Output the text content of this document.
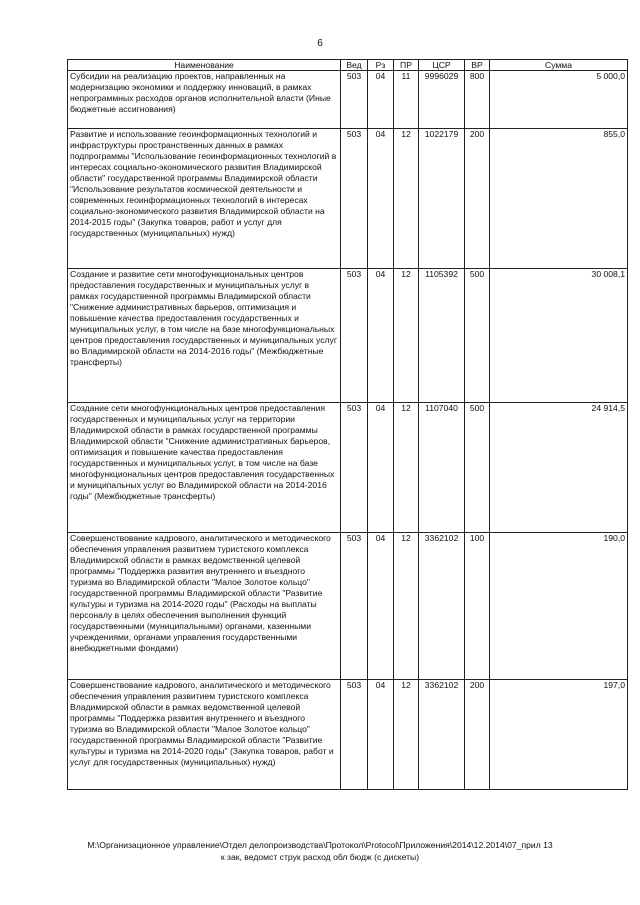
6
Наименование	Вед	Рз	ПР	ЦСР	ВР	Сумма
Субсидии на реализацию проектов, направленных на модернизацию экономики и поддержку инноваций, в рамках непрограммных расходов органов исполнительной власти (Иные бюджетные ассигнования)	503	04	11	9996029	800	5 000,0
Развитие и использование геоинформационных технологий и инфраструктуры пространственных данных в рамках подпрограммы "Использование геоинформационных технологий в интересах социально-экономического развития Владимирской области" государственной программы Владимирской области "Использование результатов космической деятельности и современных геоинформационных технологий в интересах социально-экономического развития Владимирской области на 2014-2015 годы" (Закупка товаров, работ и услуг для государственных (муниципальных) нужд)	503	04	12	1022179	200	855,0
Создание и развитие сети многофункциональных центров предоставления государственных и муниципальных услуг в рамках государственной программы Владимирской области "Снижение административных барьеров, оптимизация и повышение качества предоставления государственных и муниципальных услуг, в том числе на базе многофункциональных центров предоставления государственных и муниципальных услуг во Владимирской области на 2014-2016 годы" (Межбюджетные трансферты)	503	04	12	1105392	500	30 008,1
Создание сети многофункциональных центров предоставления государственных и муниципальных услуг на территории Владимирской области в рамках государственной программы Владимирской области "Снижение административных барьеров, оптимизация и повышение качества предоставления государственных и муниципальных услуг, в том числе на базе многофункциональных центров предоставления государственных и муниципальных услуг во Владимирской области на 2014-2016 годы" (Межбюджетные трансферты)	503	04	12	1107040	500	24 914,5
Совершенствование кадрового, аналитического и методического обеспечения управления развитием туристского комплекса Владимирской области в рамках ведомственной целевой программы "Поддержка развития внутреннего и въездного туризма во Владимирской области "Малое Золотое кольцо" государственной программы Владимирской области "Развитие культуры и туризма на 2014-2020 годы" (Расходы на выплаты персоналу в целях обеспечения выполнения функций государственными (муниципальными) органами, казенными учреждениями, органами управления государственными внебюджетными фондами)	503	04	12	3362102	100	190,0
Совершенствование кадрового, аналитического и методического обеспечения управления развитием туристского комплекса Владимирской области в рамках ведомственной целевой программы "Поддержка развития внутреннего и въездного туризма во Владимирской области "Малое Золотое кольцо" государственной программы Владимирской области "Развитие культуры и туризма на 2014-2020 годы" (Закупка товаров, работ и услуг для государственных (муниципальных) нужд)	503	04	12	3362102	200	197,0
M:\Организационное управление\Отдел делопроизводства\Протокол\Protocol\Приложения\2014\12.2014\07_прил 13
к зак, ведомст струк расход обл бюдж (с дискеты)
